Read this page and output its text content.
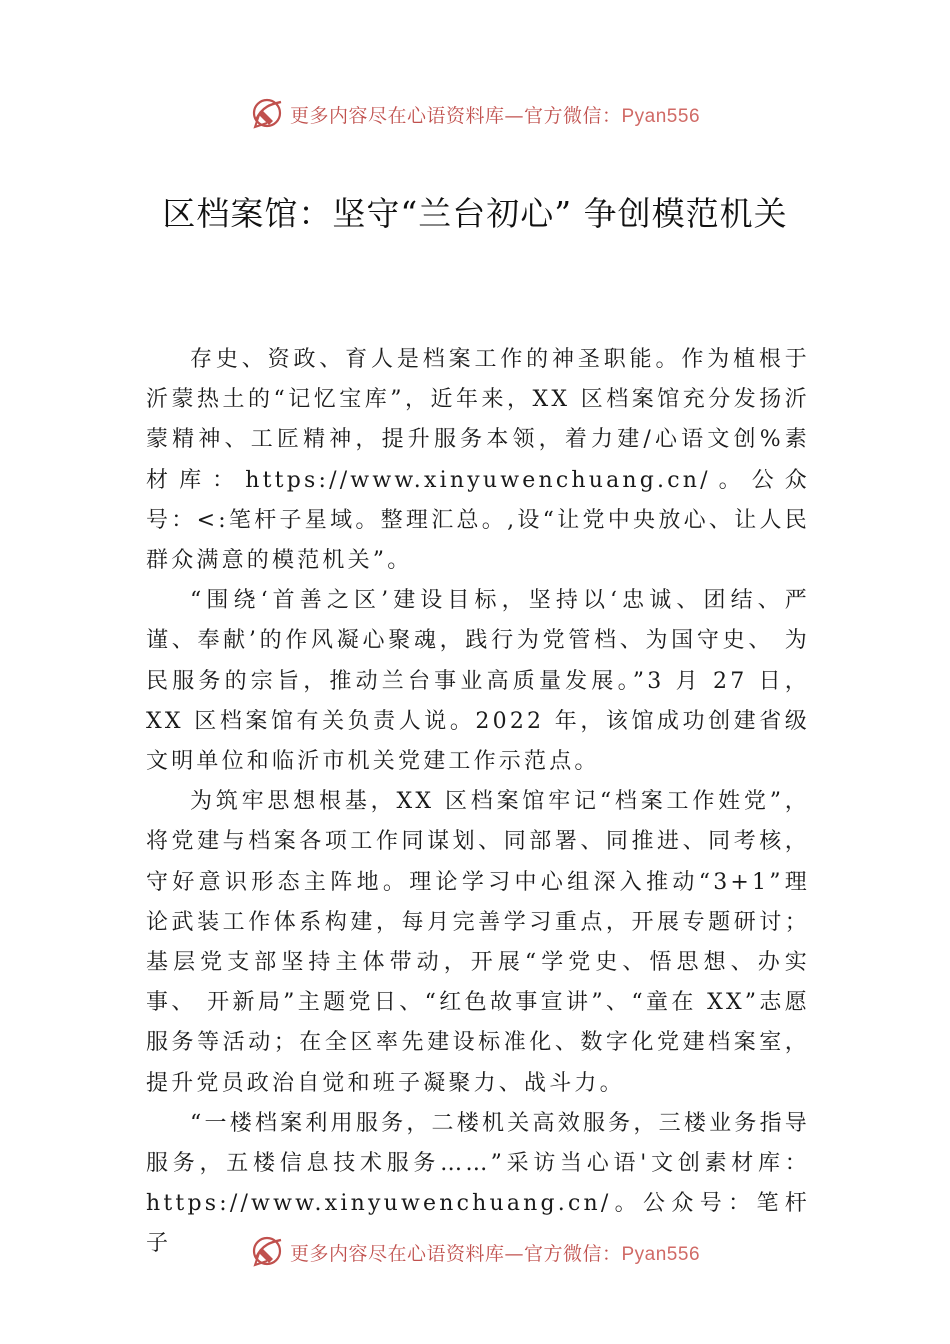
更多内容尽在心语资料库—官方微信：Pyan556
区档案馆：坚守“兰台初心” 争创模范机关

存史、资政、育人是档案工作的神圣职能。作为植根于沂蒙热土的“记忆宝库”，近年来，XX 区档案馆充分发扬沂蒙精神、工匠精神，提升服务本领，着力建/心语文创%素材库：https://www.xinyuwenchuang.cn/。公众号：<:笔杆子星域。整理汇总。,设“让党中央放心、让人民群众满意的模范机关”。

“围绕‘首善之区’建设目标，坚持以‘忠诚、团结、严谨、奉献’的作风凝心聚魂，践行为党管档、为国守史、 为民服务的宗旨，推动兰台事业高质量发展。”3 月 27 日，XX 区档案馆有关负责人说。2022 年，该馆成功创建省级文明单位和临沂市机关党建工作示范点。

为筑牢思想根基，XX 区档案馆牢记“档案工作姓党”，将党建与档案各项工作同谋划、同部署、同推进、同考核， 守好意识形态主阵地。理论学习中心组深入推动“3+1”理论武装工作体系构建，每月完善学习重点，开展专题研讨；基层党支部坚持主体带动，开展“学党史、悟思想、办实事、 开新局”主题党日、“红色故事宣讲”、“童在 XX”志愿服务等活动；在全区率先建设标准化、数字化党建档案室，提升党员政治自觉和班子凝聚力、战斗力。

“一楼档案利用服务，二楼机关高效服务，三楼业务指导服务，五楼信息技术服务……”采访当心语'文创素材库：https://www.xinyuwenchuang.cn/。公众号：笔杆子	更多内容尽在心语资料库—官方微信：Pyan556
